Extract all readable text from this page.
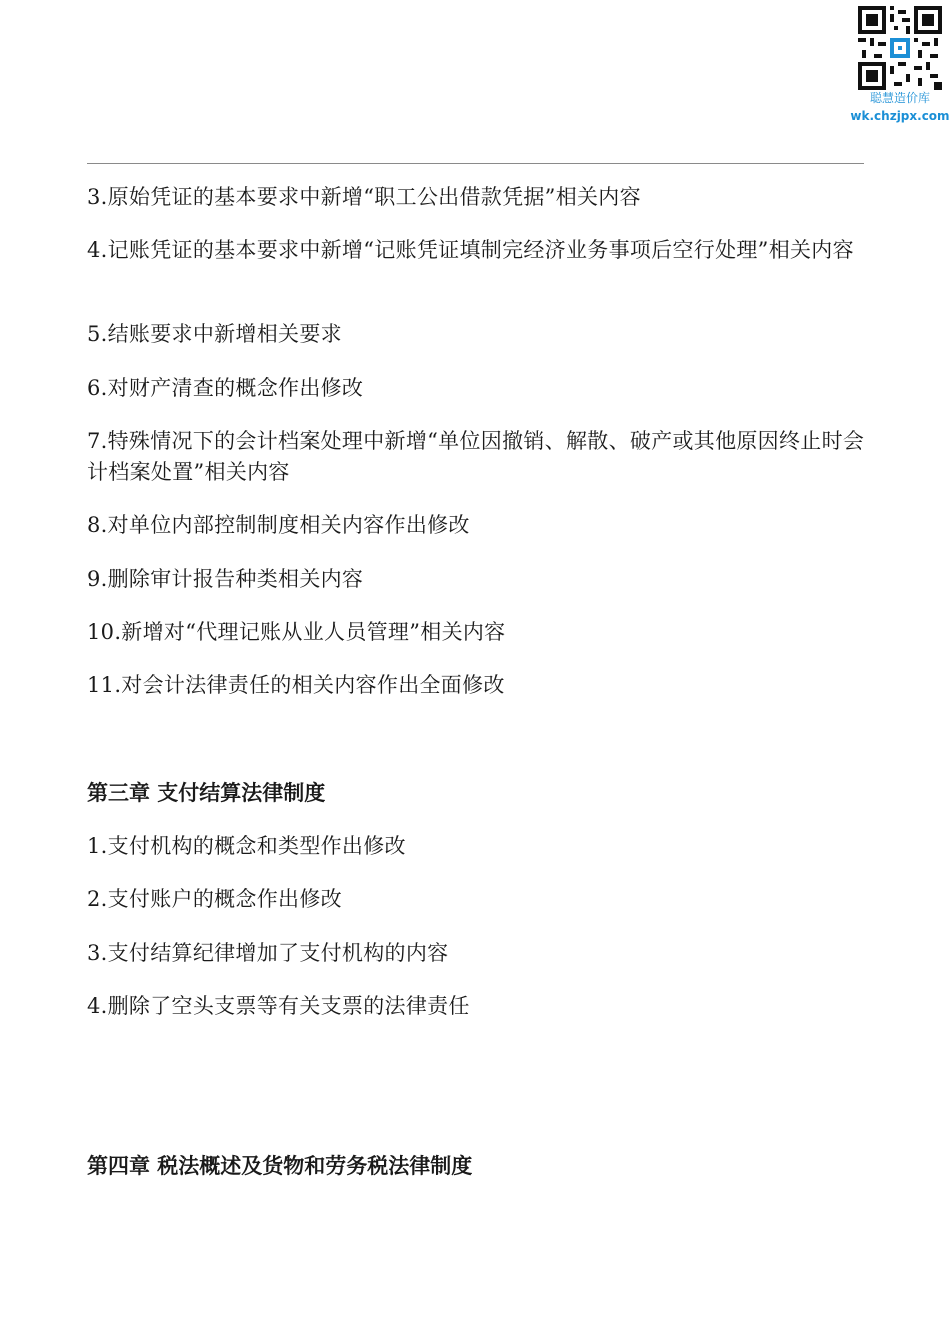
聪慧造价库
wk.chzjpx.com

3.原始凭证的基本要求中新增“职工公出借款凭据”相关内容

4.记账凭证的基本要求中新增“记账凭证填制完经济业务事项后空行处理”相关内容

5.结账要求中新增相关要求

6.对财产清查的概念作出修改

7.特殊情况下的会计档案处理中新增“单位因撤销、解散、破产或其他原因终止时会计档案处置”相关内容

8.对单位内部控制制度相关内容作出修改

9.删除审计报告种类相关内容

10.新增对“代理记账从业人员管理”相关内容

11.对会计法律责任的相关内容作出全面修改

第三章 支付结算法律制度

1.支付机构的概念和类型作出修改

2.支付账户的概念作出修改

3.支付结算纪律增加了支付机构的内容

4.删除了空头支票等有关支票的法律责任

第四章 税法概述及货物和劳务税法律制度
